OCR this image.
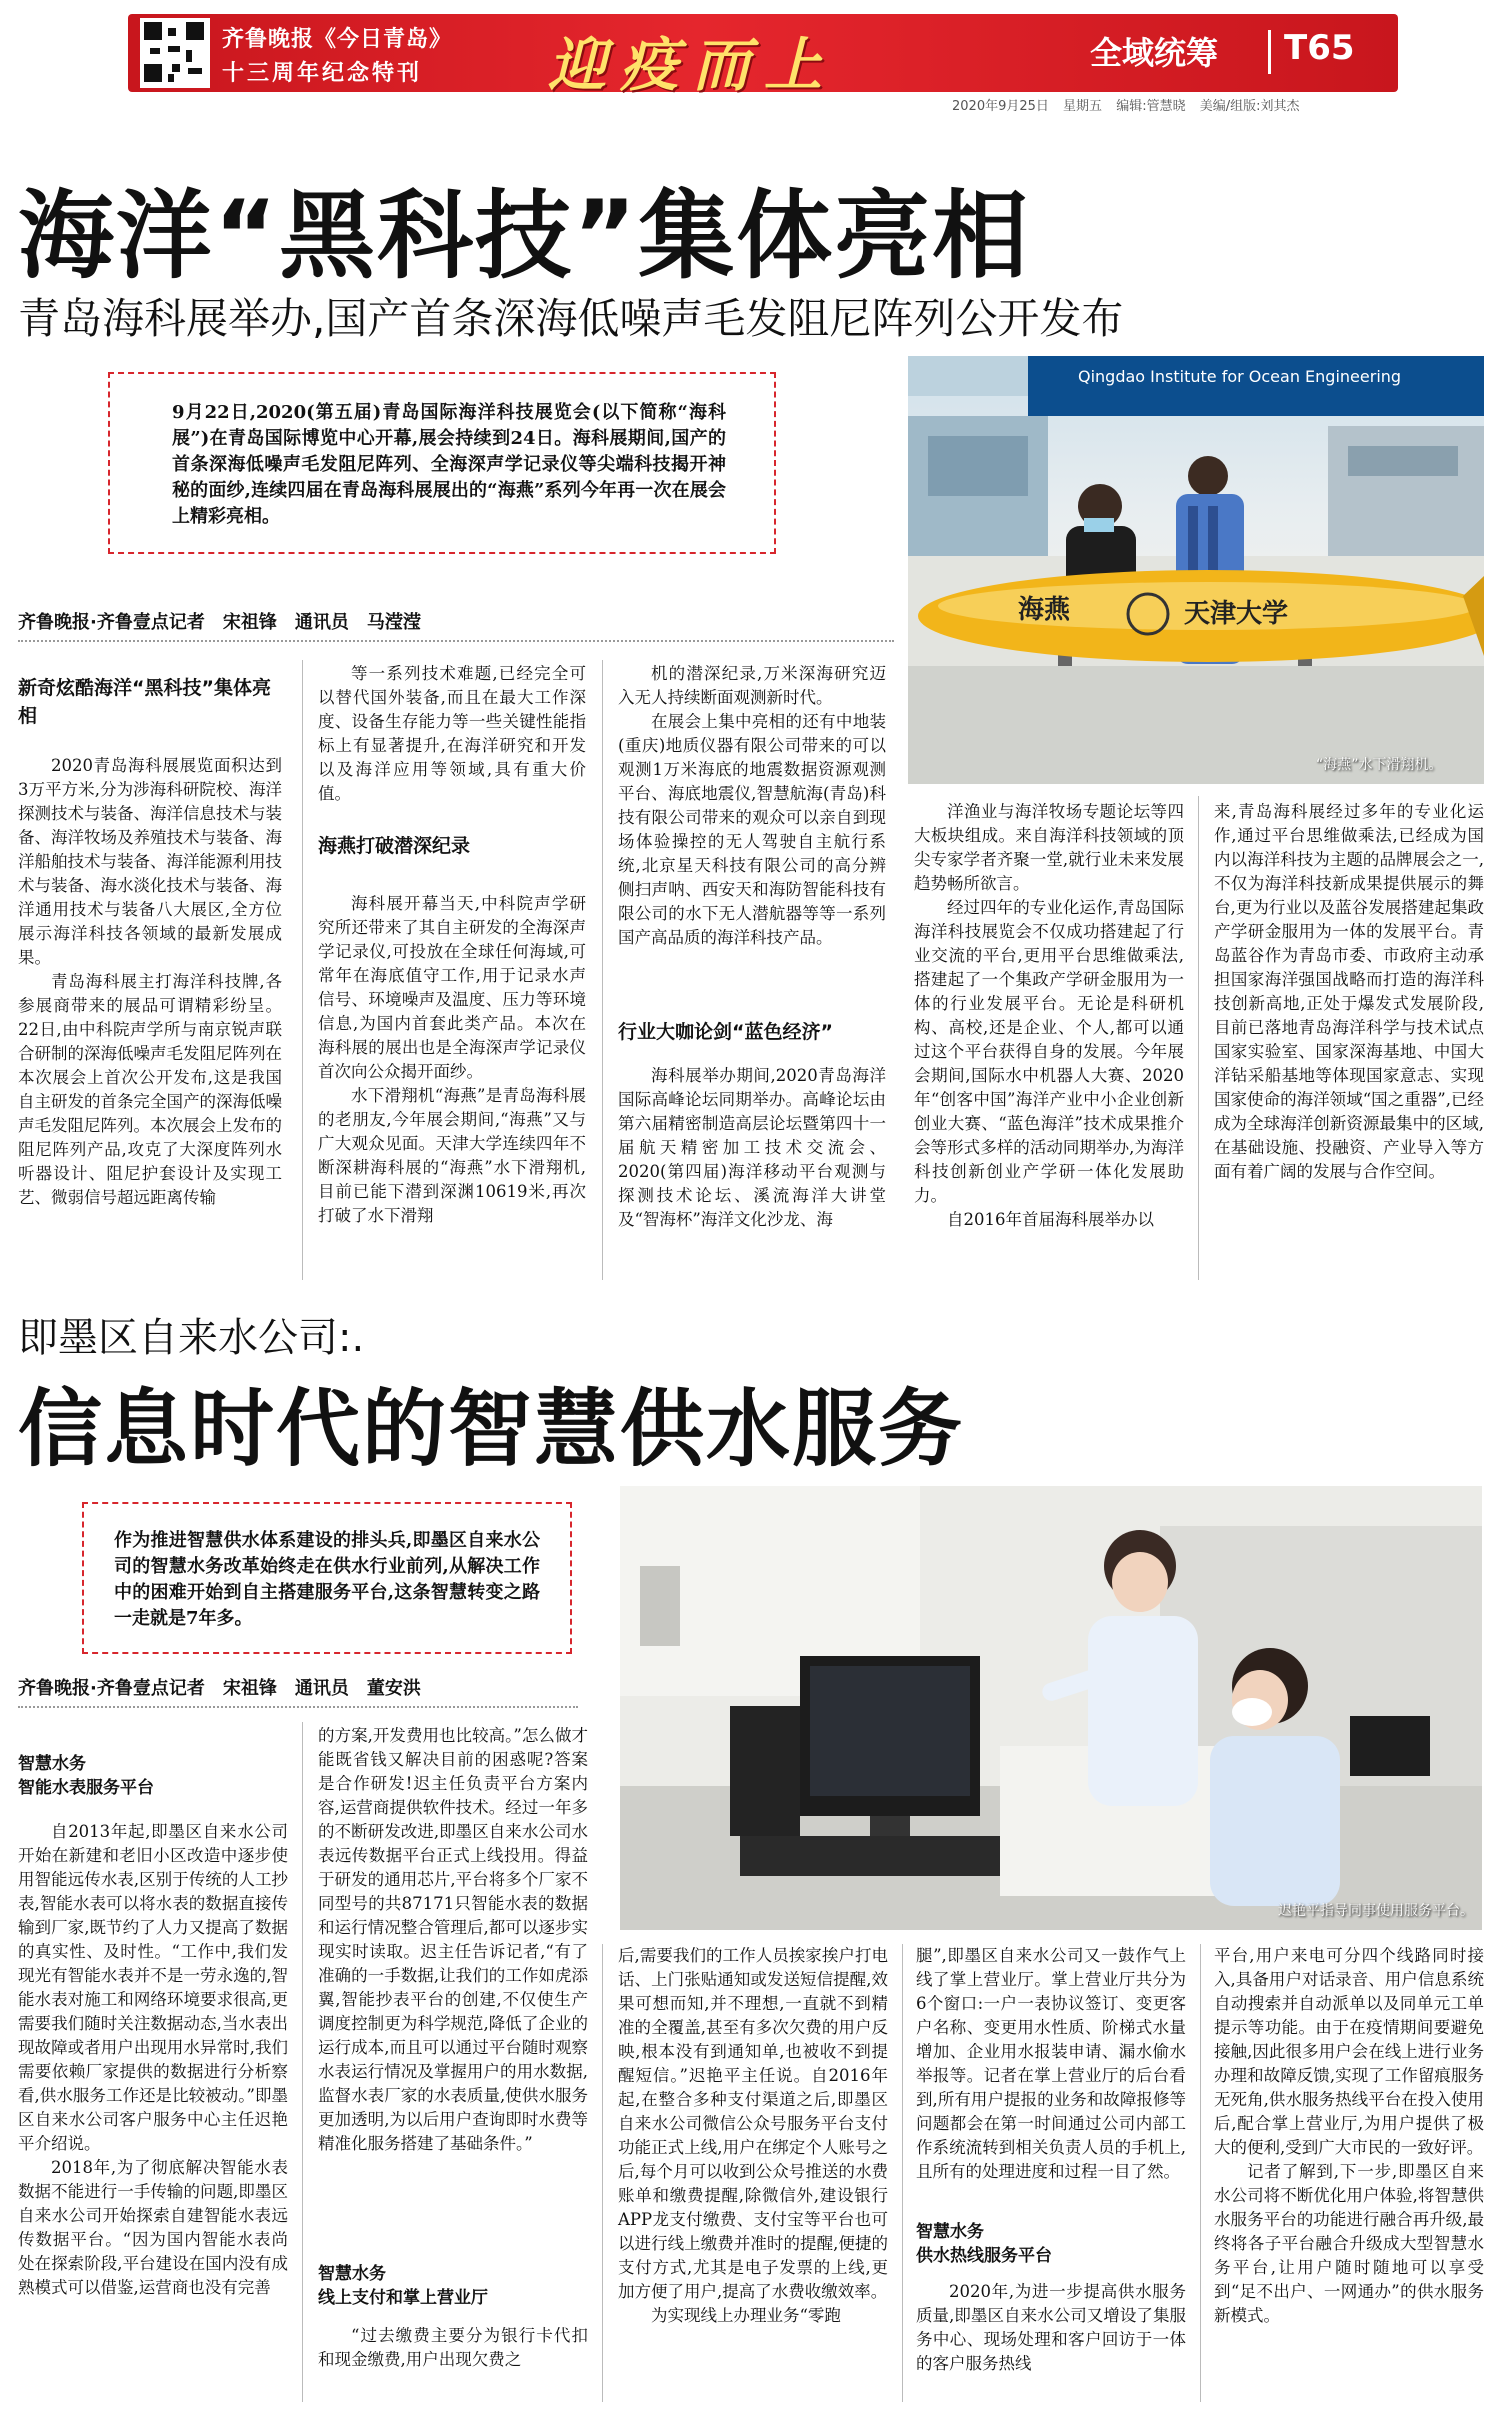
齐鲁晚报《今日青岛》
十三周年纪念特刊 迎疫而上	全域统筹 T65
2020年9月25日 星期五 编辑:管慧晓 美编/组版:刘其杰
海洋“黑科技”集体亮相
青岛海科展举办,国产首条深海低噪声毛发阻尼阵列公开发布
9月22日,2020(第五届)青岛国际海洋科技展览会(以下简称“海科展”)在青岛国际博览中心开幕,展会持续到24日。海科展期间,国产的首条深海低噪声毛发阻尼阵列、全海深声学记录仪等尖端科技揭开神秘的面纱,连续四届在青岛海科展展出的“海燕”系列今年再一次在展会上精彩亮相。
Qingdao Institute for Ocean Engineering
海燕	天津大学
“海燕”水下滑翔机。
齐鲁晚报·齐鲁壹点记者　宋祖锋　通讯员　马滢滢
新奇炫酷海洋“黑科技”集体亮相

2020青岛海科展展览面积达到3万平方米,分为涉海科研院校、海洋探测技术与装备、海洋信息技术与装备、海洋牧场及养殖技术与装备、海洋船舶技术与装备、海洋能源利用技术与装备、海水淡化技术与装备、海洋通用技术与装备八大展区,全方位展示海洋科技各领域的最新发展成果。

青岛海科展主打海洋科技牌,各参展商带来的展品可谓精彩纷呈。22日,由中科院声学所与南京锐声联合研制的深海低噪声毛发阻尼阵列在本次展会上首次公开发布,这是我国自主研发的首条完全国产的深海低噪声毛发阻尼阵列。本次展会上发布的阻尼阵列产品,攻克了大深度阵列水听器设计、阻尼护套设计及实现工艺、微弱信号超远距离传输

等一系列技术难题,已经完全可以替代国外装备,而且在最大工作深度、设备生存能力等一些关键性能指标上有显著提升,在海洋研究和开发以及海洋应用等领域,具有重大价值。

海燕打破潜深纪录

海科展开幕当天,中科院声学研究所还带来了其自主研发的全海深声学记录仪,可投放在全球任何海域,可常年在海底值守工作,用于记录水声信号、环境噪声及温度、压力等环境信息,为国内首套此类产品。本次在海科展的展出也是全海深声学记录仪首次向公众揭开面纱。

水下滑翔机“海燕”是青岛海科展的老朋友,今年展会期间,“海燕”又与广大观众见面。天津大学连续四年不断深耕海科展的“海燕”水下滑翔机,目前已能下潜到深渊10619米,再次打破了水下滑翔

机的潜深纪录,万米深海研究迈入无人持续断面观测新时代。

在展会上集中亮相的还有中地装(重庆)地质仪器有限公司带来的可以观测1万米海底的地震数据资源观测平台、海底地震仪,智慧航海(青岛)科技有限公司带来的观众可以亲自到现场体验操控的无人驾驶自主航行系统,北京星天科技有限公司的高分辨侧扫声呐、西安天和海防智能科技有限公司的水下无人潜航器等等一系列国产高品质的海洋科技产品。

行业大咖论剑“蓝色经济”

海科展举办期间,2020青岛海洋国际高峰论坛同期举办。高峰论坛由第六届精密制造高层论坛暨第四十一届航天精密加工技术交流会、2020(第四届)海洋移动平台观测与探测技术论坛、溪流海洋大讲堂及“智海杯”海洋文化沙龙、海

洋渔业与海洋牧场专题论坛等四大板块组成。来自海洋科技领域的顶尖专家学者齐聚一堂,就行业未来发展趋势畅所欲言。

经过四年的专业化运作,青岛国际海洋科技展览会不仅成功搭建起了行业交流的平台,更用平台思维做乘法,搭建起了一个集政产学研金服用为一体的行业发展平台。无论是科研机构、高校,还是企业、个人,都可以通过这个平台获得自身的发展。今年展会期间,国际水中机器人大赛、2020年“创客中国”海洋产业中小企业创新创业大赛、“蓝色海洋”技术成果推介会等形式多样的活动同期举办,为海洋科技创新创业产学研一体化发展助力。

自2016年首届海科展举办以

来,青岛海科展经过多年的专业化运作,通过平台思维做乘法,已经成为国内以海洋科技为主题的品牌展会之一,不仅为海洋科技新成果提供展示的舞台,更为行业以及蓝谷发展搭建起集政产学研金服用为一体的发展平台。青岛蓝谷作为青岛市委、市政府主动承担国家海洋强国战略而打造的海洋科技创新高地,正处于爆发式发展阶段,目前已落地青岛海洋科学与技术试点国家实验室、国家深海基地、中国大洋钻采船基地等体现国家意志、实现国家使命的海洋领域“国之重器”,已经成为全球海洋创新资源最集中的区域,在基础设施、投融资、产业导入等方面有着广阔的发展与合作空间。

即墨区自来水公司:.
信息时代的智慧供水服务
作为推进智慧供水体系建设的排头兵,即墨区自来水公司的智慧水务改革始终走在供水行业前列,从解决工作中的困难开始到自主搭建服务平台,这条智慧转变之路一走就是7年多。
迟艳平指导同事使用服务平台。
齐鲁晚报·齐鲁壹点记者　宋祖锋　通讯员　董安洪
智慧水务
智能水表服务平台

自2013年起,即墨区自来水公司开始在新建和老旧小区改造中逐步使用智能远传水表,区别于传统的人工抄表,智能水表可以将水表的数据直接传输到厂家,既节约了人力又提高了数据的真实性、及时性。“工作中,我们发现光有智能水表并不是一劳永逸的,智能水表对施工和网络环境要求很高,更需要我们随时关注数据动态,当水表出现故障或者用户出现用水异常时,我们需要依赖厂家提供的数据进行分析察看,供水服务工作还是比较被动。”即墨区自来水公司客户服务中心主任迟艳平介绍说。

2018年,为了彻底解决智能水表数据不能进行一手传输的问题,即墨区自来水公司开始探索自建智能水表远传数据平台。“因为国内智能水表尚处在探索阶段,平台建设在国内没有成熟模式可以借鉴,运营商也没有完善

的方案,开发费用也比较高。”怎么做才能既省钱又解决目前的困惑呢?答案是合作研发!迟主任负责平台方案内容,运营商提供软件技术。经过一年多的不断研发改进,即墨区自来水公司水表远传数据平台正式上线投用。得益于研发的通用芯片,平台将多个厂家不同型号的共87171只智能水表的数据和运行情况整合管理后,都可以逐步实现实时读取。迟主任告诉记者,“有了准确的一手数据,让我们的工作如虎添翼,智能抄表平台的创建,不仅使生产调度控制更为科学规范,降低了企业的运行成本,而且可以通过平台随时观察水表运行情况及掌握用户的用水数据,监督水表厂家的水表质量,使供水服务更加透明,为以后用户查询即时水费等精准化服务搭建了基础条件。”

智慧水务
线上支付和掌上营业厅

“过去缴费主要分为银行卡代扣和现金缴费,用户出现欠费之

后,需要我们的工作人员挨家挨户打电话、上门张贴通知或发送短信提醒,效果可想而知,并不理想,一直就不到精准的全覆盖,甚至有多次欠费的用户反映,根本没有到通知单,也被收不到提醒短信。”迟艳平主任说。自2016年起,在整合多种支付渠道之后,即墨区自来水公司微信公众号服务平台支付功能正式上线,用户在绑定个人账号之后,每个月可以收到公众号推送的水费账单和缴费提醒,除微信外,建设银行APP龙支付缴费、支付宝等平台也可以进行线上缴费并准时的提醒,便捷的支付方式,尤其是电子发票的上线,更加方便了用户,提高了水费收缴效率。

为实现线上办理业务“零跑

腿”,即墨区自来水公司又一鼓作气上线了掌上营业厅。掌上营业厅共分为6个窗口:一户一表协议签订、变更客户名称、变更用水性质、阶梯式水量增加、企业用水报装申请、漏水偷水举报等。记者在掌上营业厅的后台看到,所有用户提报的业务和故障报修等问题都会在第一时间通过公司内部工作系统流转到相关负责人员的手机上,且所有的处理进度和过程一目了然。

智慧水务
供水热线服务平台

2020年,为进一步提高供水服务质量,即墨区自来水公司又增设了集服务中心、现场处理和客户回访于一体的客户服务热线

平台,用户来电可分四个线路同时接入,具备用户对话录音、用户信息系统自动搜索并自动派单以及同单元工单提示等功能。由于在疫情期间要避免接触,因此很多用户会在线上进行业务办理和故障反馈,实现了工作留痕服务无死角,供水服务热线平台在投入使用后,配合掌上营业厅,为用户提供了极大的便利,受到广大市民的一致好评。

记者了解到,下一步,即墨区自来水公司将不断优化用户体验,将智慧供水服务平台的功能进行融合再升级,最终将各子平台融合升级成大型智慧水务平台,让用户随时随地可以享受到“足不出户、一网通办”的供水服务新模式。
